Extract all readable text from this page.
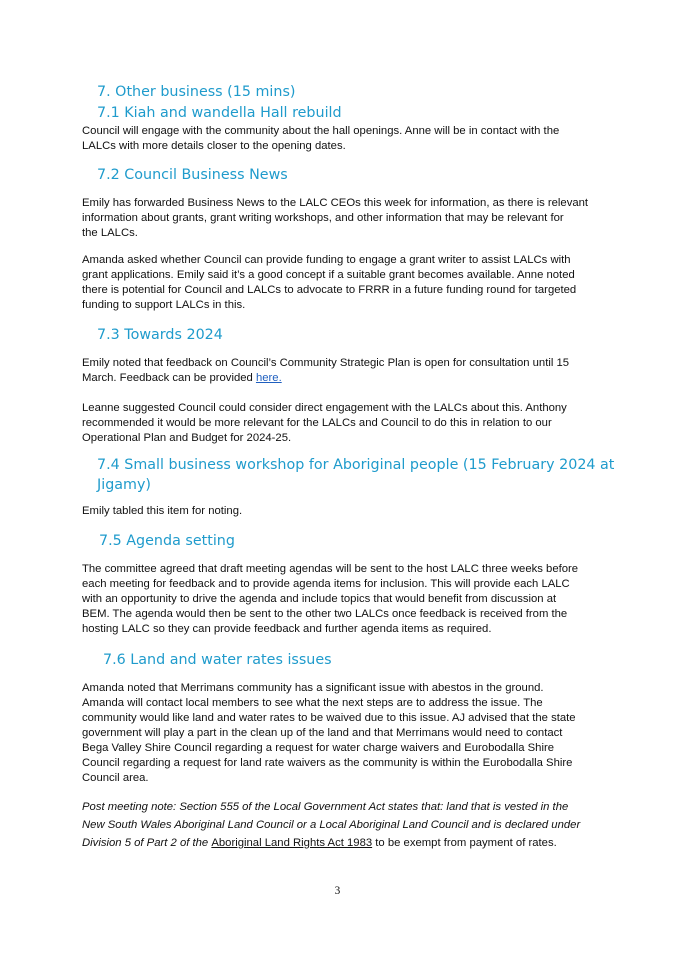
7. Other business (15 mins)
7.1 Kiah and wandella Hall rebuild

Council will engage with the community about the hall openings. Anne will be in contact with the
LALCs with more details closer to the opening dates.

7.2 Council Business News

Emily has forwarded Business News to the LALC CEOs this week for information, as there is relevant
information about grants, grant writing workshops, and other information that may be relevant for
the LALCs.

Amanda asked whether Council can provide funding to engage a grant writer to assist LALCs with
grant applications. Emily said it’s a good concept if a suitable grant becomes available. Anne noted
there is potential for Council and LALCs to advocate to FRRR in a future funding round for targeted
funding to support LALCs in this.

7.3 Towards 2024

Emily noted that feedback on Council’s Community Strategic Plan is open for consultation until 15
March. Feedback can be provided here.

Leanne suggested Council could consider direct engagement with the LALCs about this. Anthony
recommended it would be more relevant for the LALCs and Council to do this in relation to our
Operational Plan and Budget for 2024-25.

7.4 Small business workshop for Aboriginal people (15 February 2024 at
Jigamy)

Emily tabled this item for noting.

7.5 Agenda setting

The committee agreed that draft meeting agendas will be sent to the host LALC three weeks before
each meeting for feedback and to provide agenda items for inclusion. This will provide each LALC
with an opportunity to drive the agenda and include topics that would benefit from discussion at
BEM. The agenda would then be sent to the other two LALCs once feedback is received from the
hosting LALC so they can provide feedback and further agenda items as required.

7.6 Land and water rates issues

Amanda noted that Merrimans community has a significant issue with abestos in the ground.
Amanda will contact local members to see what the next steps are to address the issue. The
community would like land and water rates to be waived due to this issue. AJ advised that the state
government will play a part in the clean up of the land and that Merrimans would need to contact
Bega Valley Shire Council regarding a request for water charge waivers and Eurobodalla Shire
Council regarding a request for land rate waivers as the community is within the Eurobodalla Shire
Council area.

Post meeting note: Section 555 of the Local Government Act states that: land that is vested in the
New South Wales Aboriginal Land Council or a Local Aboriginal Land Council and is declared under
Division 5 of Part 2 of the Aboriginal Land Rights Act 1983 to be exempt from payment of rates.

3
